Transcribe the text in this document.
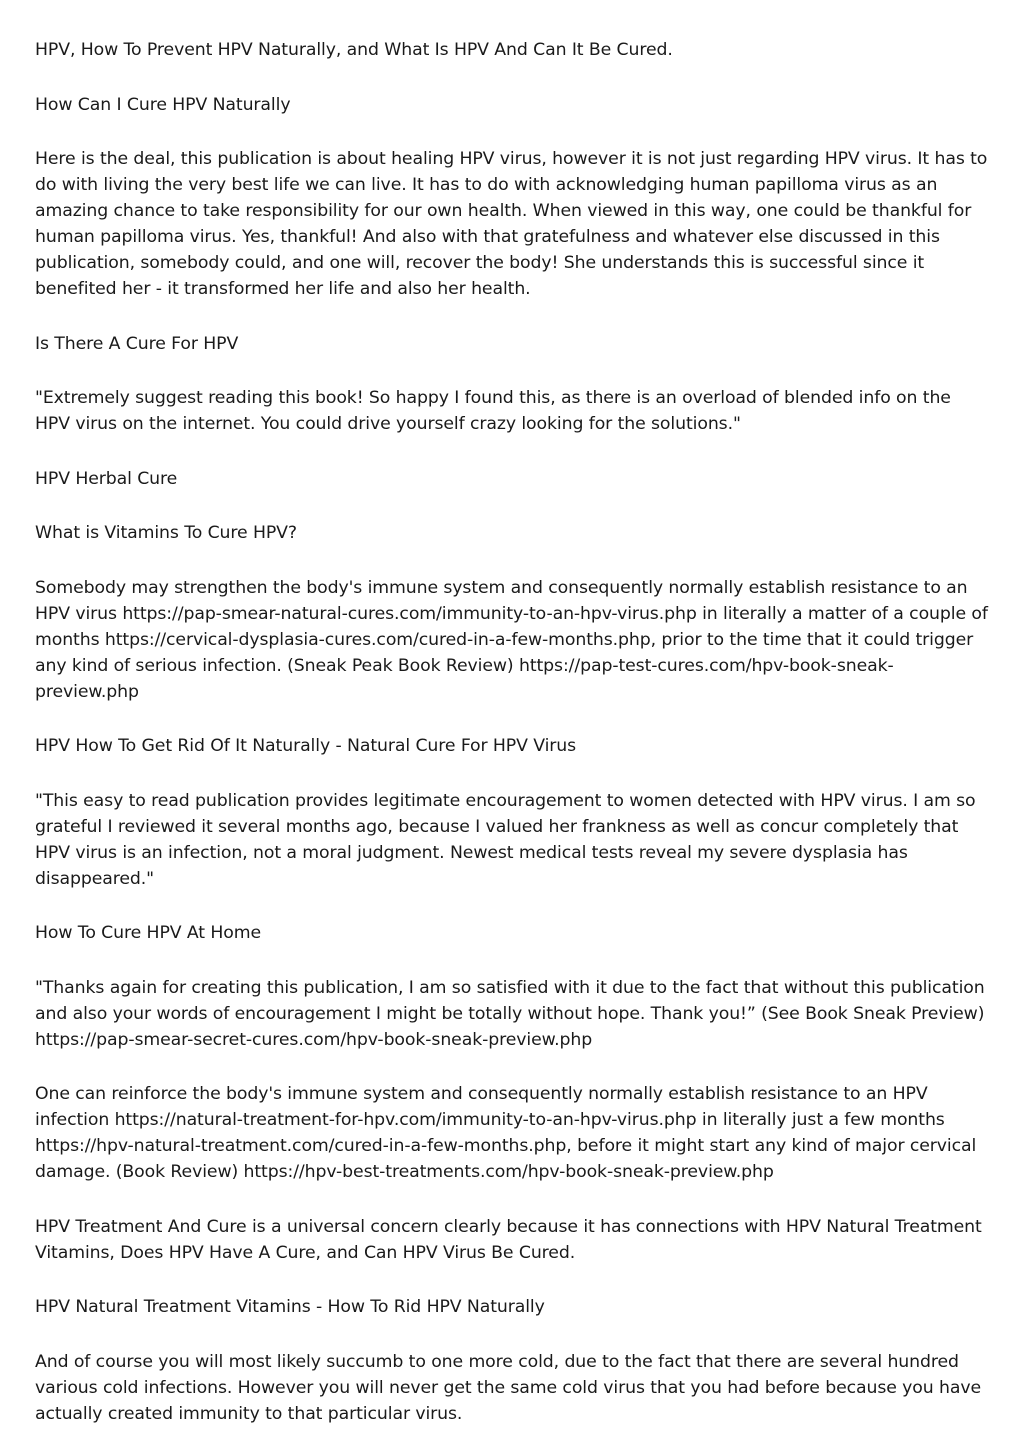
HPV, How To Prevent HPV Naturally, and What Is HPV And Can It Be Cured.

How Can I Cure HPV Naturally

Here is the deal, this publication is about healing HPV virus, however it is not just regarding HPV virus. It has to do with living the very best life we can live. It has to do with acknowledging human papilloma virus as an amazing chance to take responsibility for our own health. When viewed in this way, one could be thankful for human papilloma virus. Yes, thankful! And also with that gratefulness and whatever else discussed in this publication, somebody could, and one will, recover the body! She understands this is successful since it benefited her - it transformed her life and also her health.

Is There A Cure For HPV

"Extremely suggest reading this book! So happy I found this, as there is an overload of blended info on the HPV virus on the internet. You could drive yourself crazy looking for the solutions."

HPV Herbal Cure

What is Vitamins To Cure HPV?

Somebody may strengthen the body's immune system and consequently normally establish resistance to an HPV virus https://pap-smear-natural-cures.com/immunity-to-an-hpv-virus.php in literally a matter of a couple of months https://cervical-dysplasia-cures.com/cured-in-a-few-months.php, prior to the time that it could trigger any kind of serious infection. (Sneak Peak Book Review) https://pap-test-cures.com/hpv-book-sneak-preview.php

HPV How To Get Rid Of It Naturally - Natural Cure For HPV Virus

"This easy to read publication provides legitimate encouragement to women detected with HPV virus. I am so grateful I reviewed it several months ago, because I valued her frankness as well as concur completely that HPV virus is an infection, not a moral judgment. Newest medical tests reveal my severe dysplasia has disappeared."

How To Cure HPV At Home

"Thanks again for creating this publication, I am so satisfied with it due to the fact that without this publication and also your words of encouragement I might be totally without hope. Thank you!” (See Book Sneak Preview) https://pap-smear-secret-cures.com/hpv-book-sneak-preview.php

One can reinforce the body's immune system and consequently normally establish resistance to an HPV infection https://natural-treatment-for-hpv.com/immunity-to-an-hpv-virus.php in literally just a few months https://hpv-natural-treatment.com/cured-in-a-few-months.php, before it might start any kind of major cervical damage. (Book Review) https://hpv-best-treatments.com/hpv-book-sneak-preview.php

HPV Treatment And Cure is a universal concern clearly because it has connections with HPV Natural Treatment Vitamins, Does HPV Have A Cure, and Can HPV Virus Be Cured.

HPV Natural Treatment Vitamins - How To Rid HPV Naturally

And of course you will most likely succumb to one more cold, due to the fact that there are several hundred various cold infections. However you will never get the same cold virus that you had before because you have actually created immunity to that particular virus.
